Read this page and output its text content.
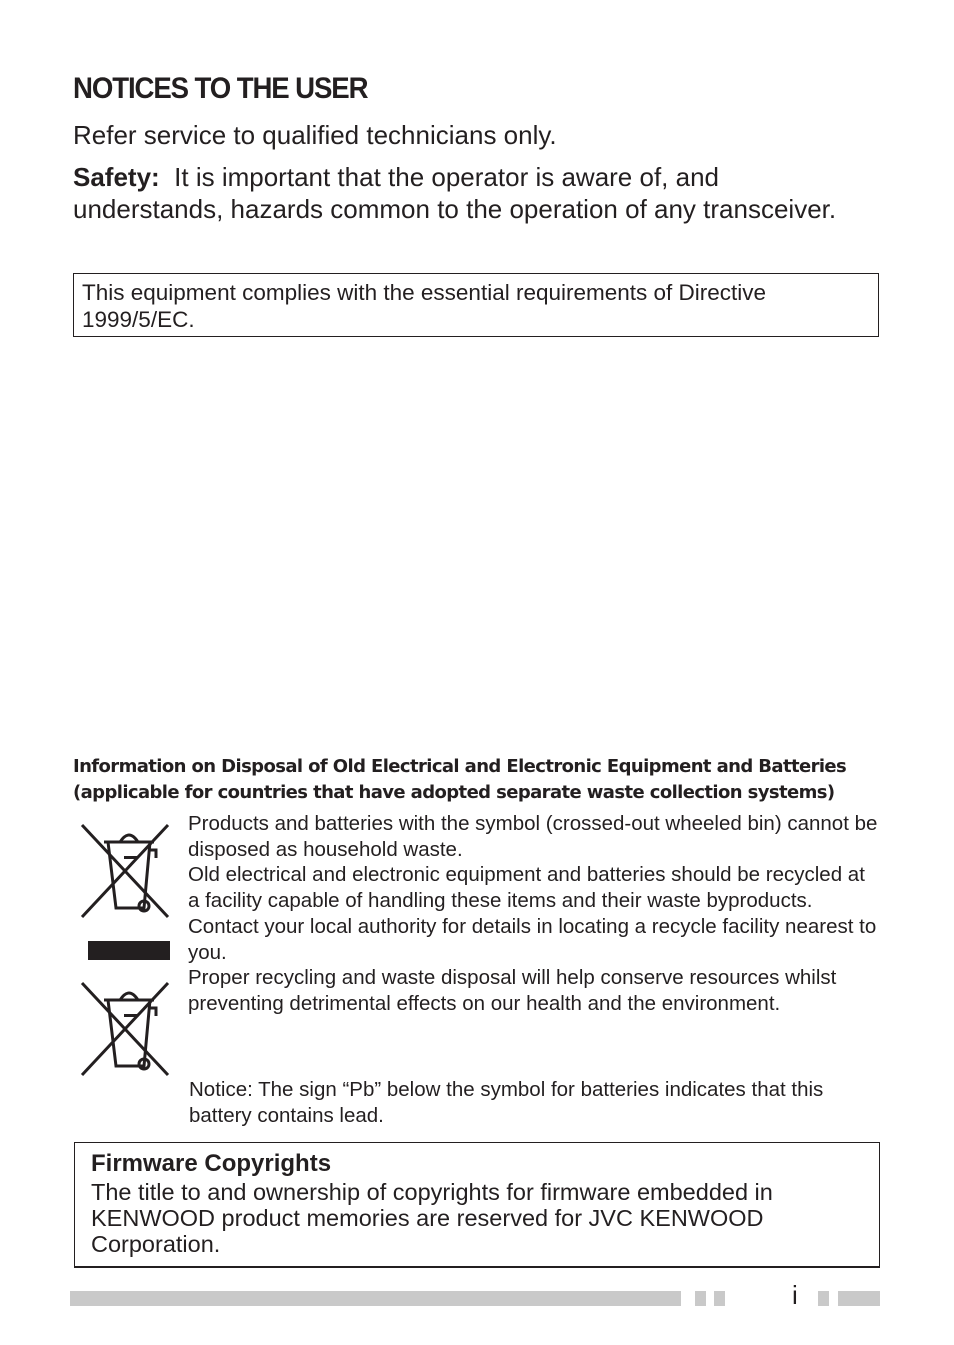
NOTICES TO THE USER

Refer service to qualified technicians only.

Safety: It is important that the operator is aware of, and understands, hazards common to the operation of any transceiver.

This equipment complies with the essential requirements of Directive 1999/5/EC.
Information on Disposal of Old Electrical and Electronic Equipment and Batteries
(applicable for countries that have adopted separate waste collection systems)

Products and batteries with the symbol (crossed-out wheeled bin) cannot be disposed as household waste.

Old electrical and electronic equipment and batteries should be recycled at a facility capable of handling these items and their waste byproducts.

Contact your local authority for details in locating a recycle facility nearest to you.

Proper recycling and waste disposal will help conserve resources whilst preventing detrimental effects on our health and the environment.

Notice: The sign “Pb” below the symbol for batteries indicates that this battery contains lead.

Firmware Copyrights

The title to and ownership of copyrights for firmware embedded in KENWOOD product memories are reserved for JVC KENWOOD Corporation.

i
